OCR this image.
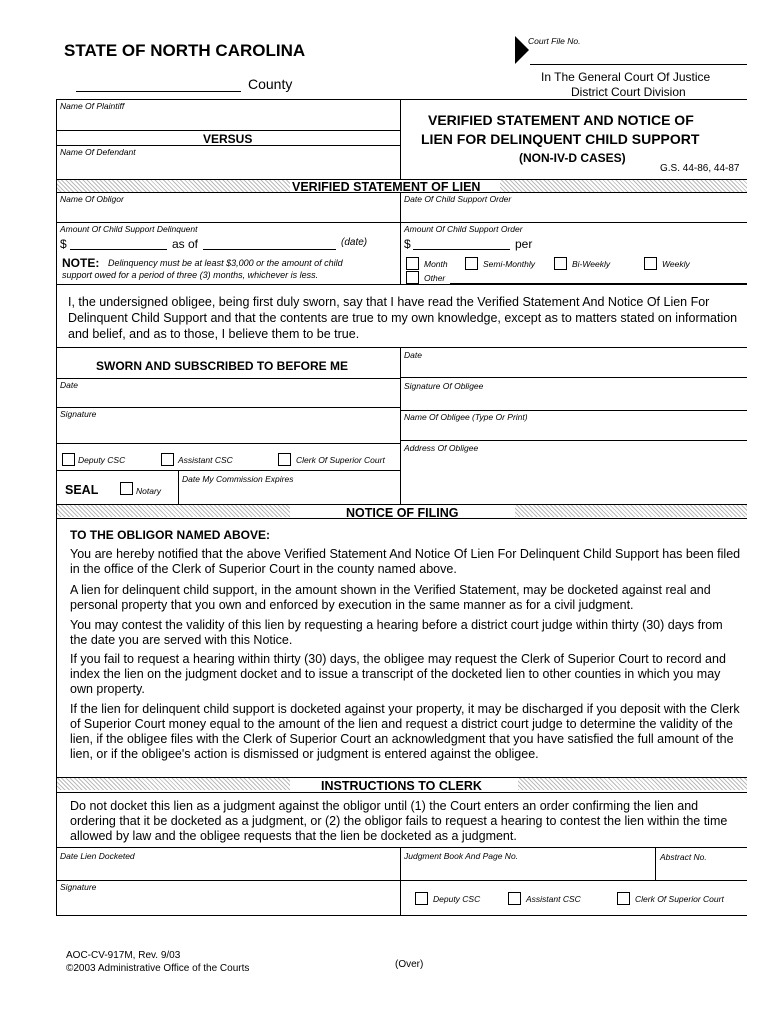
STATE OF NORTH CAROLINA
County
Court File No.
In The General Court Of Justice
District Court Division
Name Of Plaintiff
VERSUS
Name Of Defendant
VERIFIED STATEMENT AND NOTICE OF
LIEN FOR DELINQUENT CHILD SUPPORT
(NON-IV-D CASES)
G.S. 44-86, 44-87
VERIFIED STATEMENT OF LIEN
Name Of Obligor	Date Of Child Support Order
Amount Of Child Support Delinquent
$	as of	(date)
Amount Of Child Support Order
$	per
NOTE: Delinquency must be at least $3,000 or the amount of child
support owed for a period of three (3) months, whichever is less.
Month	Semi-Monthly	Bi-Weekly	Weekly
Other
I, the undersigned obligee, being first duly sworn, say that I have read the Verified Statement And Notice Of Lien For Delinquent Child Support and that the contents are true to my own knowledge, except as to matters stated on information and belief, and as to those, I believe them to be true.
SWORN AND SUBSCRIBED TO BEFORE ME
Date
Signature
Deputy CSC	Assistant CSC	Clerk Of Superior Court
Date My Commission Expires
SEAL	Notary
Date
Signature Of Obligee
Name Of Obligee (Type Or Print)
Address Of Obligee
NOTICE OF FILING
TO THE OBLIGOR NAMED ABOVE:
You are hereby notified that the above Verified Statement And Notice Of Lien For Delinquent Child Support has been filed in the office of the Clerk of Superior Court in the county named above.
A lien for delinquent child support, in the amount shown in the Verified Statement, may be docketed against real and personal property that you own and enforced by execution in the same manner as for a civil judgment.
You may contest the validity of this lien by requesting a hearing before a district court judge within thirty (30) days from the date you are served with this Notice.
If you fail to request a hearing within thirty (30) days, the obligee may request the Clerk of Superior Court to record and index the lien on the judgment docket and to issue a transcript of the docketed lien to other counties in which you may own property.
If the lien for delinquent child support is docketed against your property, it may be discharged if you deposit with the Clerk of Superior Court money equal to the amount of the lien and request a district court judge to determine the validity of the lien, if the obligee files with the Clerk of Superior Court an acknowledgment that you have satisfied the full amount of the lien, or if the obligee's action is dismissed or judgment is entered against the obligee.
INSTRUCTIONS TO CLERK
Do not docket this lien as a judgment against the obligor until (1) the Court enters an order confirming the lien and ordering that it be docketed as a judgment, or (2) the obligor fails to request a hearing to contest the lien within the time allowed by law and the obligee requests that the lien be docketed as a judgment.
Date Lien Docketed	Judgment Book And Page No.	Abstract No.
Signature
Deputy CSC	Assistant CSC	Clerk Of Superior Court
AOC-CV-917M, Rev. 9/03
©2003 Administrative Office of the Courts	(Over)
